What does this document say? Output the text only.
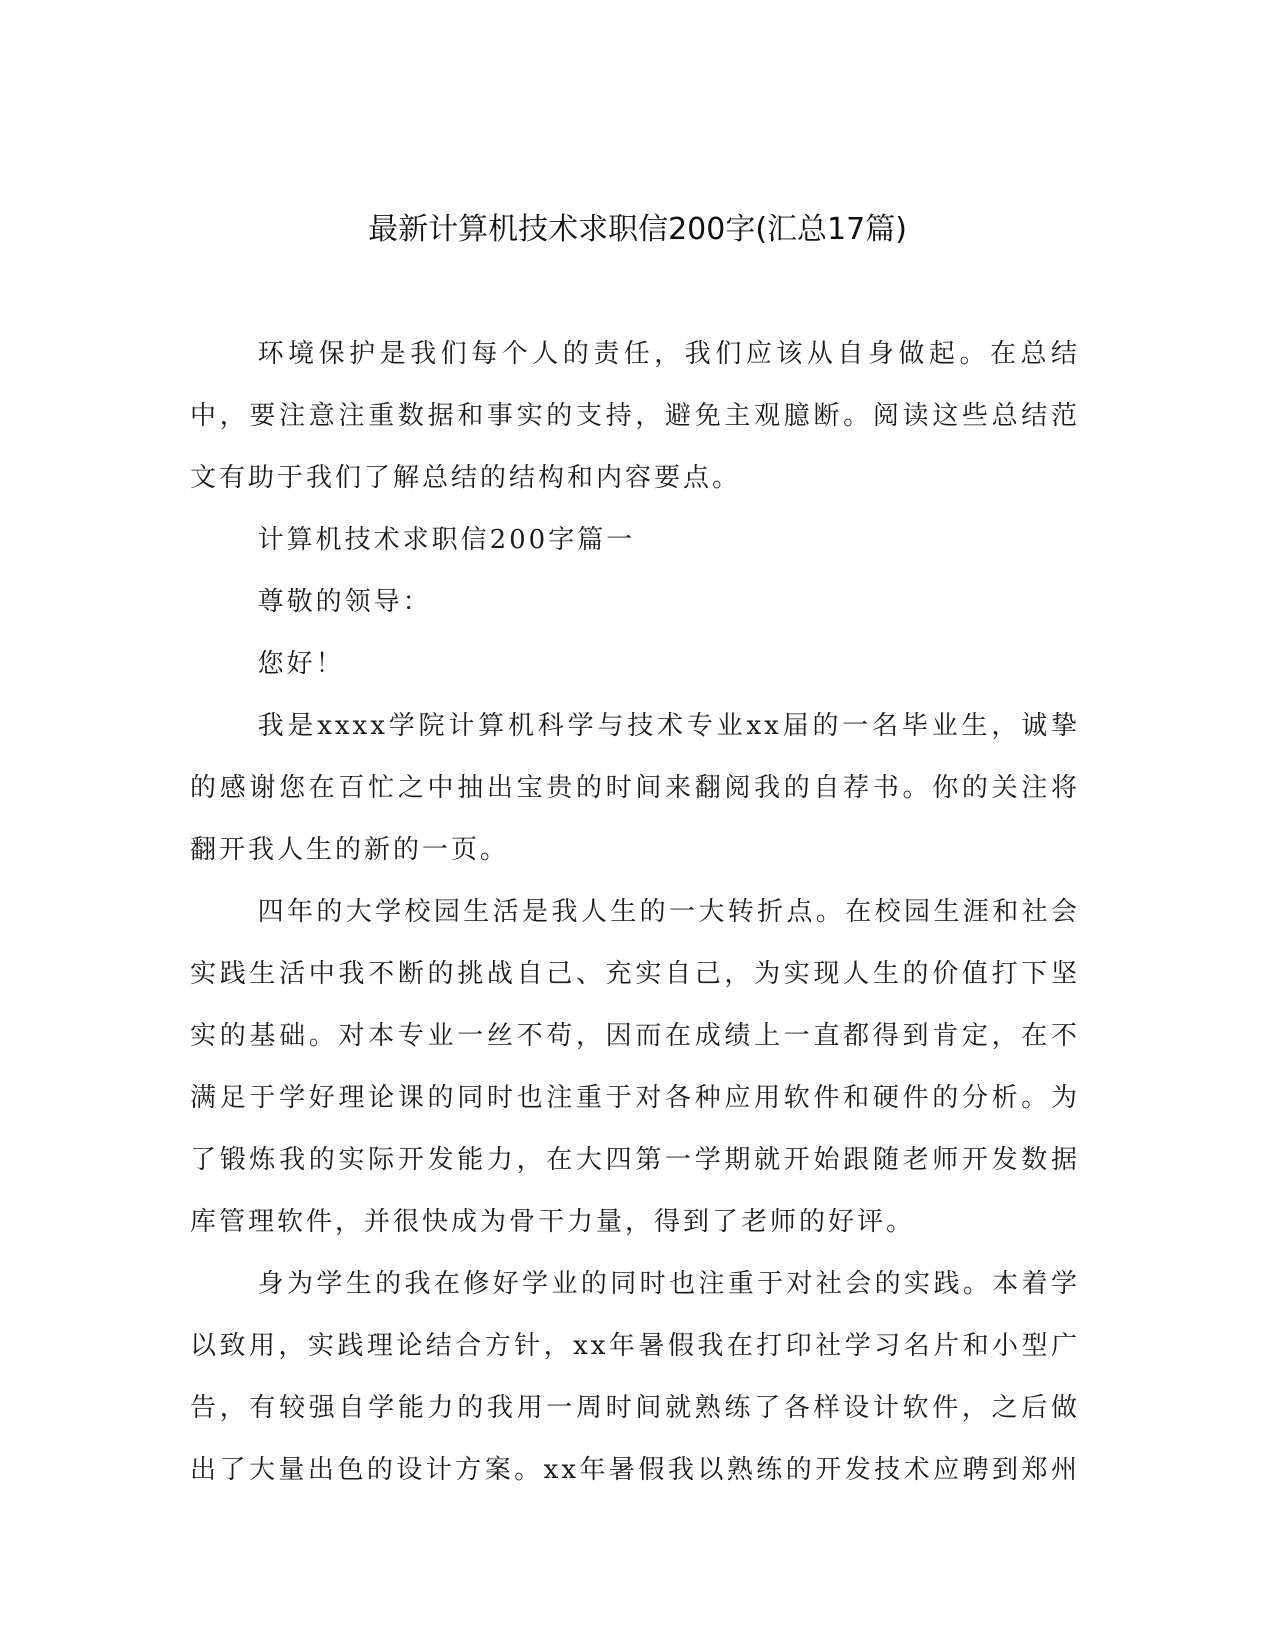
最新计算机技术求职信200字(汇总17篇)

环境保护是我们每个人的责任，我们应该从自身做起。在总结中，要注意注重数据和事实的支持，避免主观臆断。阅读这些总结范文有助于我们了解总结的结构和内容要点。

计算机技术求职信200字篇一

尊敬的领导：

您好！

我是xxxx学院计算机科学与技术专业xx届的一名毕业生，诚挚的感谢您在百忙之中抽出宝贵的时间来翻阅我的自荐书。你的关注将翻开我人生的新的一页。

四年的大学校园生活是我人生的一大转折点。在校园生涯和社会实践生活中我不断的挑战自己、充实自己，为实现人生的价值打下坚实的基础。对本专业一丝不苟，因而在成绩上一直都得到肯定，在不满足于学好理论课的同时也注重于对各种应用软件和硬件的分析。为了锻炼我的实际开发能力，在大四第一学期就开始跟随老师开发数据库管理软件，并很快成为骨干力量，得到了老师的好评。

身为学生的我在修好学业的同时也注重于对社会的实践。本着学以致用，实践理论结合方针，xx年暑假我在打印社学习名片和小型广告，有较强自学能力的我用一周时间就熟练了各样设计软件，之后做出了大量出色的设计方案。xx年暑假我以熟练的开发技术应聘到郑州
